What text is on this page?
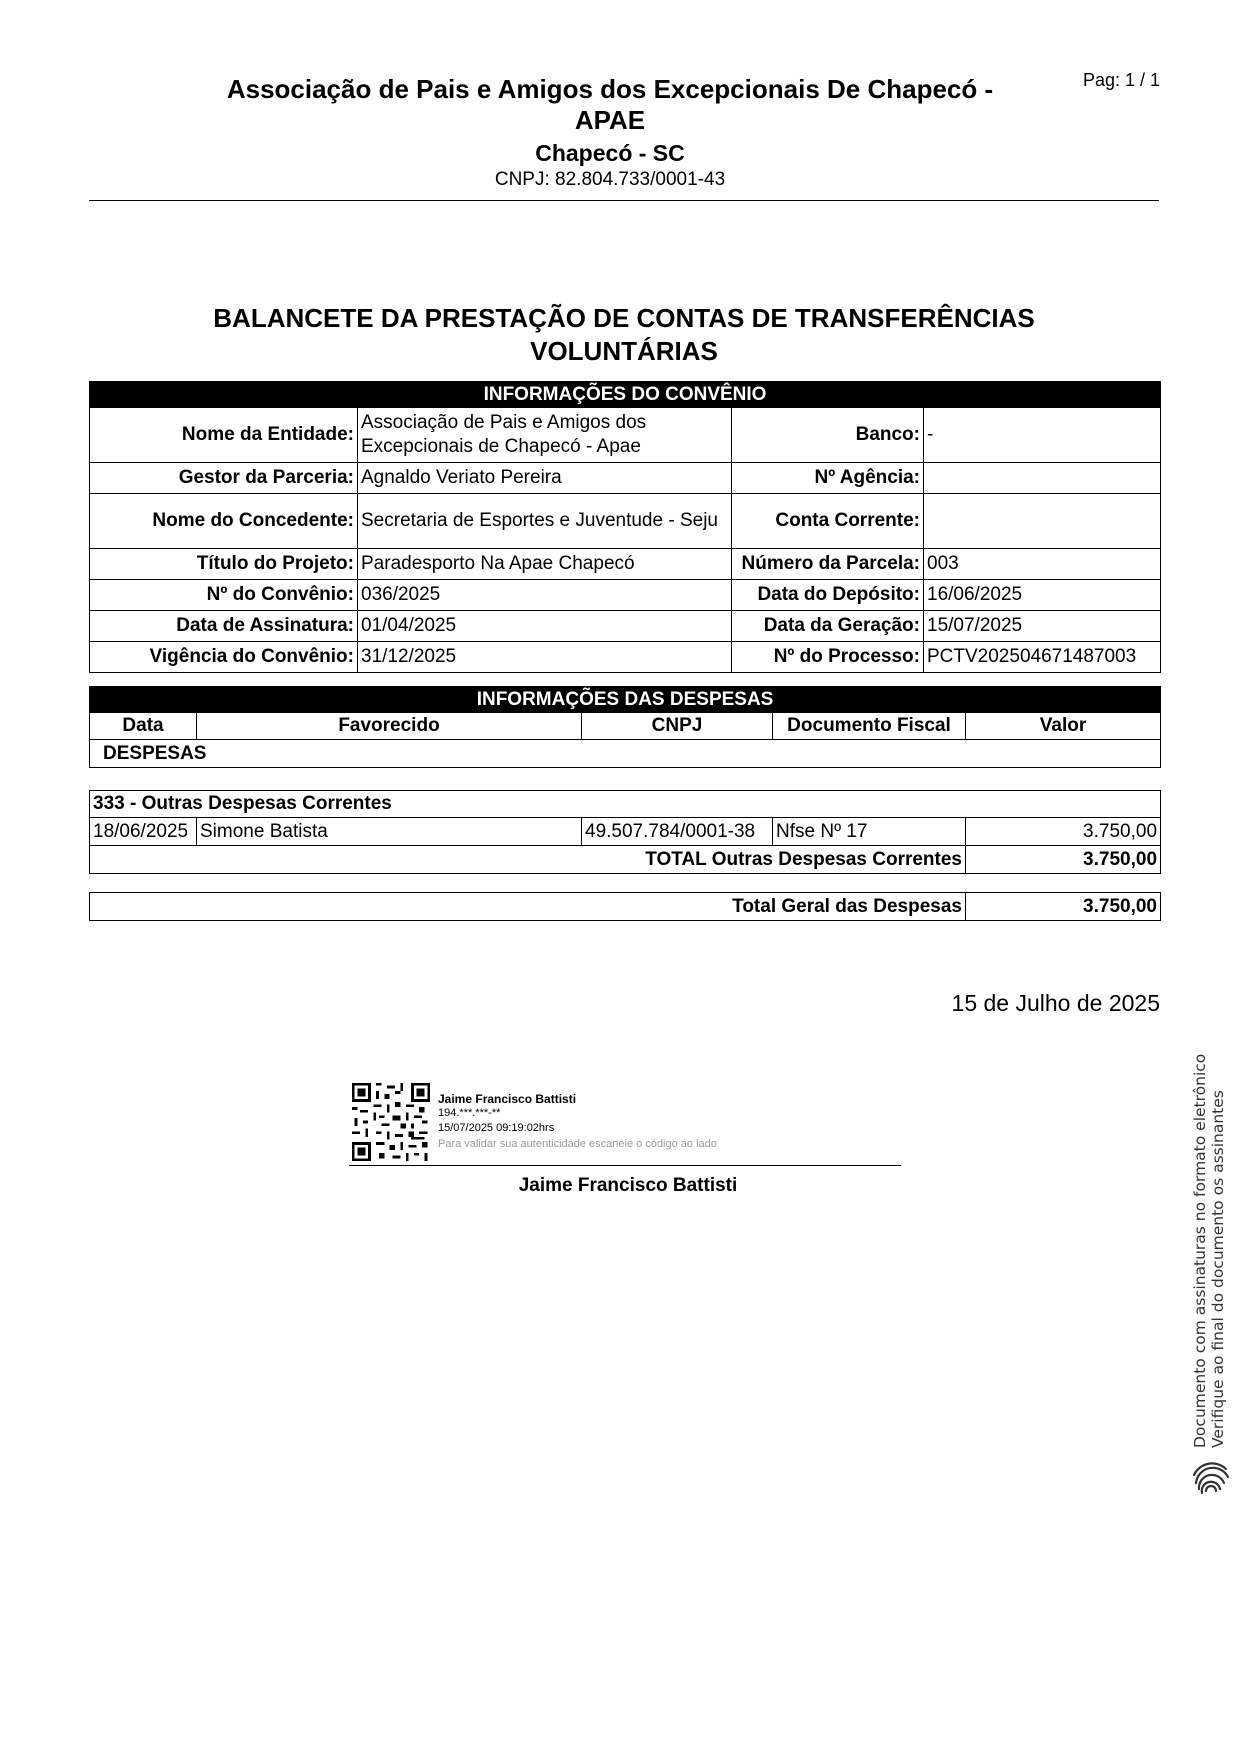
Pag: 1 / 1
Associação de Pais e Amigos dos Excepcionais De Chapecó -
APAE
Chapecó - SC
CNPJ: 82.804.733/0001-43
BALANCETE DA PRESTAÇÃO DE CONTAS DE TRANSFERÊNCIAS
VOLUNTÁRIAS
INFORMAÇÕES DO CONVÊNIO			
Nome da Entidade:	Associação de Pais e Amigos dos Excepcionais de Chapecó - Apae	Banco:	-
Gestor da Parceria:	Agnaldo Veriato Pereira	Nº Agência:	
Nome do Concedente:	Secretaria de Esportes e Juventude - Seju	Conta Corrente:	
Título do Projeto:	Paradesporto Na Apae Chapecó	Número da Parcela:	003
Nº do Convênio:	036/2025	Data do Depósito:	16/06/2025
Data de Assinatura:	01/04/2025	Data da Geração:	15/07/2025
Vigência do Convênio:	31/12/2025	Nº do Processo:	PCTV202504671487003
INFORMAÇÕES DAS DESPESAS
Data	Favorecido	CNPJ	Documento Fiscal	Valor
DESPESAS
333 - Outras Despesas Correntes				
18/06/2025	Simone Batista	49.507.784/0001-38	Nfse Nº 17	3.750,00
TOTAL Outras Despesas Correntes				3.750,00
Total Geral das Despesas	3.750,00
15 de Julho de 2025
Jaime Francisco Battisti
194.***.***-**
15/07/2025 09:19:02hrs
Para validar sua autenticidade escaneie o código ao lado
Jaime Francisco Battisti	Documento com assinaturas no formato eletrônico Verifique ao final do documento os assinantes
